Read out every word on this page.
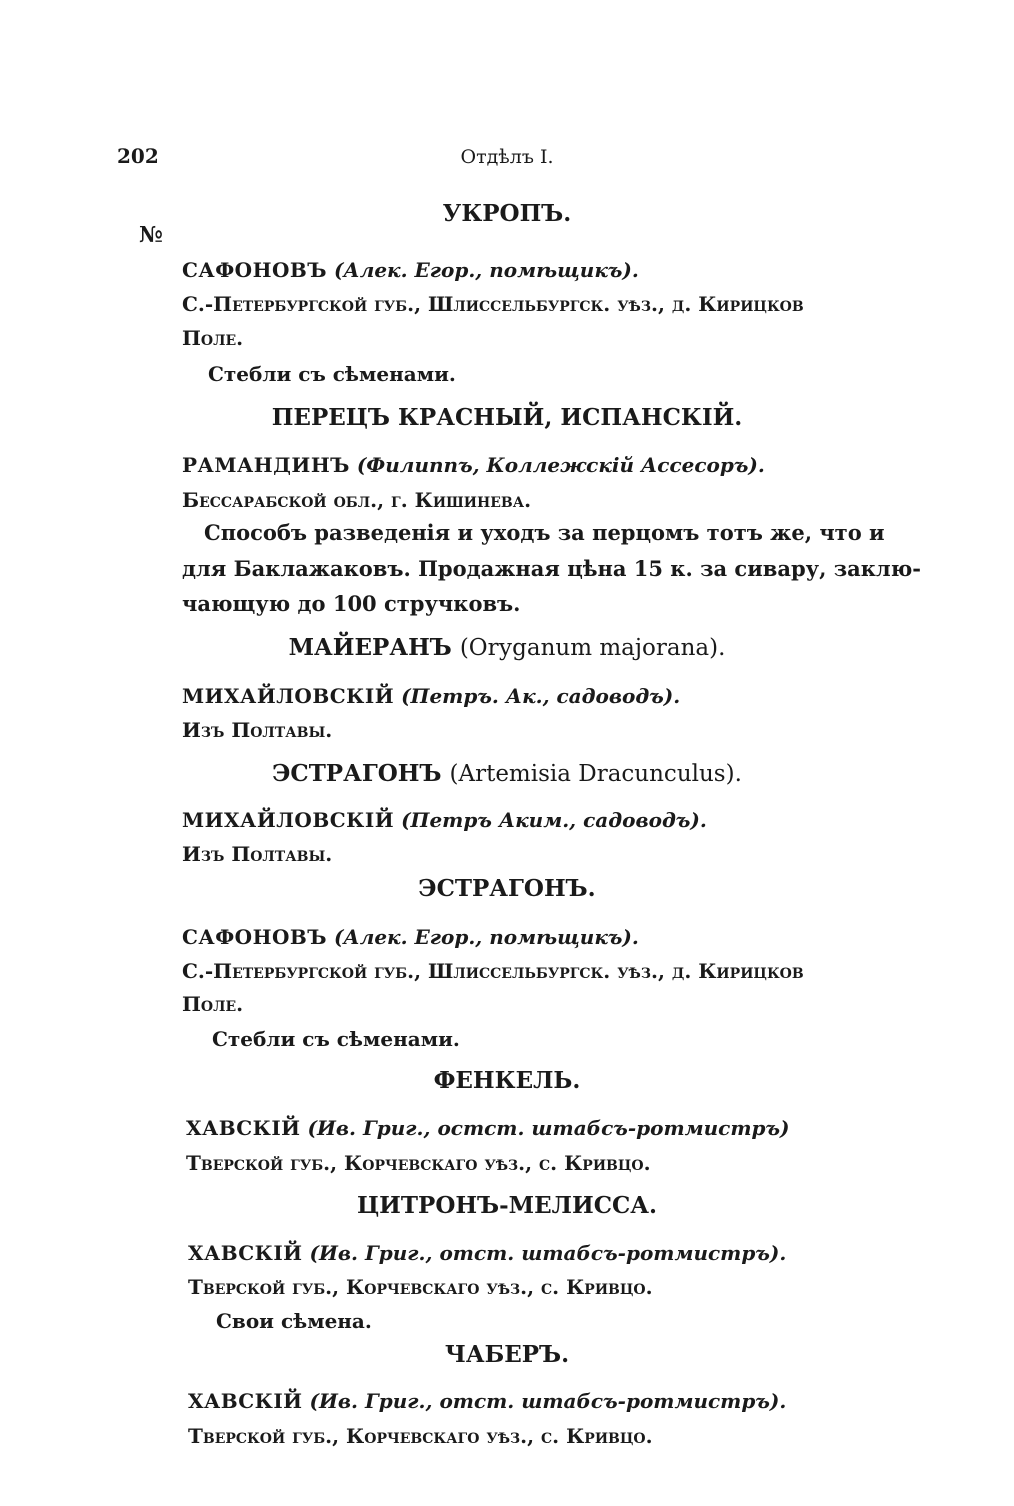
202	Отдѣлъ I.
№
УКРОПЪ.
САФОНОВЪ (Алек. Егор., помѣщикъ).
С.-Петербургской губ., Шлиссельбургск. уѣз., д. Кирицков
Поле.
Стебли съ сѣменами.
ПЕРЕЦЪ КРАСНЫЙ, ИСПАНСКІЙ.
РАМАНДИНЪ (Филиппъ, Коллежскій Ассесоръ).
Бессарабской обл., г. Кишинева.
Способъ разведенія и уходъ за перцомъ тотъ же, что и
для Баклажаковъ. Продажная цѣна 15 к. за сивару, заклю-
чающую до 100 стручковъ.
МАЙЕРАНЪ (Orуganum majorana).
МИХАЙЛОВСКІЙ (Петръ. Ак., садоводъ).
Изъ Полтавы.
ЭСТРАГОНЪ (Artemisia Dracunculus).
МИХАЙЛОВСКІЙ (Петръ Аким., садоводъ).
Изъ Полтавы.
ЭСТРАГОНЪ.
САФОНОВЪ (Алек. Егор., помѣщикъ).
С.-Петербургской губ., Шлиссельбургск. уѣз., д. Кирицков
Поле.
Стебли съ сѣменами.
ФЕНКЕЛЬ.
ХАВСКІЙ (Ив. Григ., остст. штабсъ-ротмистръ)
Тверской губ., Корчевскаго уѣз., с. Кривцо.
ЦИТРОНЪ-МЕЛИССА.
ХАВСКІЙ (Ив. Григ., отст. штабсъ-ротмистръ).
Тверской губ., Корчевскаго уѣз., с. Кривцо.
Свои сѣмена.
ЧАБЕРЪ.
ХАВСКІЙ (Ив. Григ., отст. штабсъ-ротмистръ).
Тверской губ., Корчевскаго уѣз., с. Кривцо.
